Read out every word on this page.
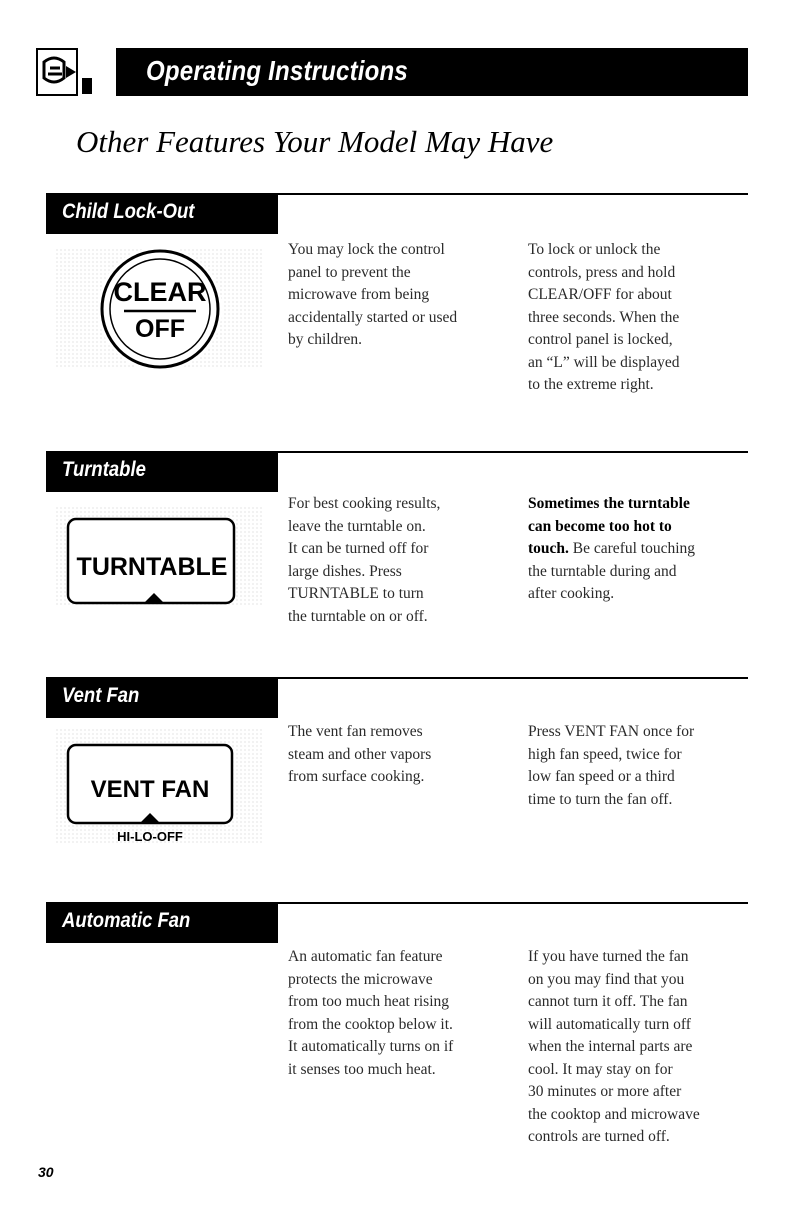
Operating Instructions
Other Features Your Model May Have
Child Lock-Out
CLEAR
OFF
You may lock the control
panel to prevent the
microwave from being
accidentally started or used
by children.
To lock or unlock the
controls, press and hold
CLEAR/OFF for about
three seconds. When the
control panel is locked,
an “L” will be displayed
to the extreme right.
Turntable
TURNTABLE
For best cooking results,
leave the turntable on.
It can be turned off for
large dishes. Press
TURNTABLE to turn
the turntable on or off.
Sometimes the turntable
can become too hot to
touch. Be careful touching
the turntable during and
after cooking.
Vent Fan
VENT FAN
HI-LO-OFF
The vent fan removes
steam and other vapors
from surface cooking.
Press VENT FAN once for
high fan speed, twice for
low fan speed or a third
time to turn the fan off.
Automatic Fan
An automatic fan feature
protects the microwave
from too much heat rising
from the cooktop below it.
It automatically turns on if
it senses too much heat.
If you have turned the fan
on you may find that you
cannot turn it off. The fan
will automatically turn off
when the internal parts are
cool. It may stay on for
30 minutes or more after
the cooktop and microwave
controls are turned off.
30
